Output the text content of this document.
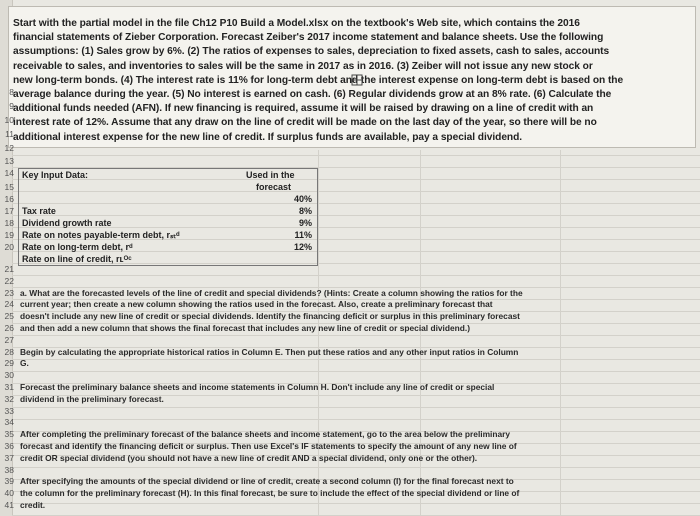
Start with the partial model in the file Ch12 P10 Build a Model.xlsx on the textbook's Web site, which contains the 2016

financial statements of Zieber Corporation. Forecast Zeiber's 2017 income statement and balance sheets. Use the following

assumptions: (1) Sales grow by 6%. (2) The ratios of expenses to sales, depreciation to fixed assets, cash to sales, accounts

receivable to sales, and inventories to sales will be the same in 2017 as in 2016. (3) Zeiber will not issue any new stock or

new long-term bonds. (4) The interest rate is 11% for long-term debt and the interest expense on long-term debt is based on the

average balance during the year. (5) No interest is earned on cash. (6) Regular dividends grow at an 8% rate. (6) Calculate the

additional funds needed (AFN). If new financing is required, assume it will be raised by drawing on a line of credit with an

interest rate of 12%. Assume that any draw on the line of credit will be made on the last day of the year, so there will be no

additional interest expense for the new line of credit. If surplus funds are available, pay a special dividend.

8
9
10
11
12
13
14 Key Input Data:	Used in the
forecast
15
40%
16
Tax rate	8%
17
Dividend growth rate	9%
18
Rate on notes payable-term debt, rₛₜᵈ	11%
19
Rate on long-term debt, rᵈ	12%
20
Rate on line of credit, rʟᴼᶜ
21
22
23 a. What are the forecasted levels of the line of credit and special dividends? (Hints: Create a column showing the ratios for the
24 current year; then create a new column showing the ratios used in the forecast. Also, create a preliminary forecast that
25 doesn't include any new line of credit or special dividends. Identify the financing deficit or surplus in this preliminary forecast
26 and then add a new column that shows the final forecast that includes any new line of credit or special dividend.)
27
28 Begin by calculating the appropriate historical ratios in Column E. Then put these ratios and any other input ratios in Column
29 G.
30
31 Forecast the preliminary balance sheets and income statements in Column H. Don't include any line of credit or special
32 dividend in the preliminary forecast.
33
34
35 After completing the preliminary forecast of the balance sheets and income statement, go to the area below the preliminary
36 forecast and identify the financing deficit or surplus. Then use Excel's IF statements to specify the amount of any new line of
37 credit OR special dividend (you should not have a new line of credit AND a special dividend, only one or the other).
38
39 After specifying the amounts of the special dividend or line of credit, create a second column (I) for the final forecast next to
40 the column for the preliminary forecast (H). In this final forecast, be sure to include the effect of the special dividend or line of
41 credit.
